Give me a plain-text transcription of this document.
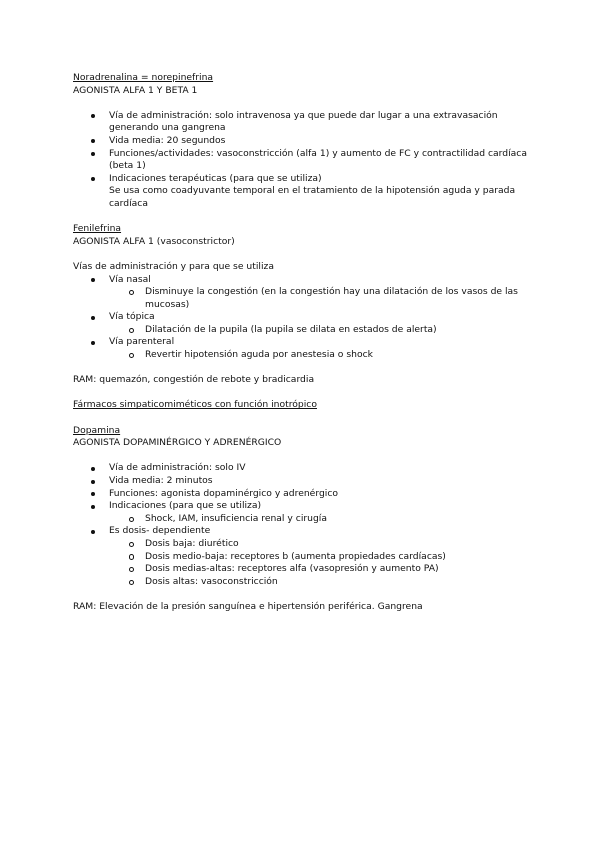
Noradrenalina = norepinefrina
AGONISTA ALFA 1 Y BETA 1
Vía de administración: solo intravenosa ya que puede dar lugar a una extravasación generando una gangrena
Vida media: 20 segundos
Funciones/actividades: vasoconstricción (alfa 1) y aumento de FC y contractilidad cardíaca (beta 1)
Indicaciones terapéuticas (para que se utiliza)
Se usa como coadyuvante temporal en el tratamiento de la hipotensión aguda y parada cardíaca
Fenilefrina
AGONISTA ALFA 1 (vasoconstrictor)
Vías de administración y para que se utiliza
Vía nasal
Disminuye la congestión (en la congestión hay una dilatación de los vasos de las mucosas)
Vía tópica
Dilatación de la pupila (la pupila se dilata en estados de alerta)
Vía parenteral
Revertir hipotensión aguda por anestesia o shock
RAM: quemazón, congestión de rebote y bradicardia
Fármacos simpaticomiméticos con función inotrópico
Dopamina
AGONISTA DOPAMINÉRGICO Y ADRENÉRGICO
Vía de administración: solo IV
Vida media: 2 minutos
Funciones: agonista dopaminérgico y adrenérgico
Indicaciones (para que se utiliza)
Shock, IAM, insuficiencia renal y cirugía
Es dosis- dependiente
Dosis baja: diurético
Dosis medio-baja: receptores b (aumenta propiedades cardíacas)
Dosis medias-altas: receptores alfa (vasopresión y aumento PA)
Dosis altas: vasoconstricción
RAM: Elevación de la presión sanguínea e hipertensión periférica. Gangrena
